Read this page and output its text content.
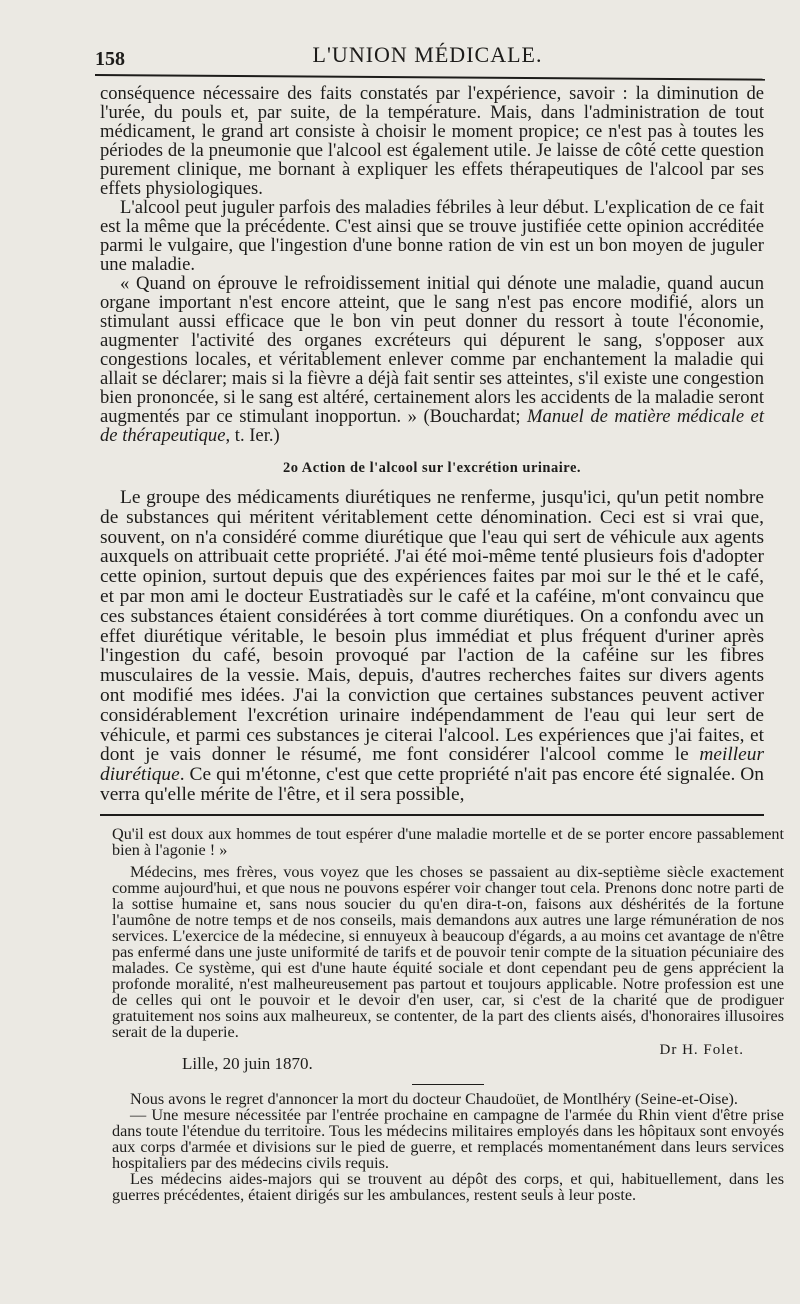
158	L'UNION MÉDICALE.

conséquence nécessaire des faits constatés par l'expérience, savoir : la diminution de l'urée, du pouls et, par suite, de la température. Mais, dans l'administration de tout médicament, le grand art consiste à choisir le moment propice; ce n'est pas à toutes les périodes de la pneumonie que l'alcool est également utile. Je laisse de côté cette question purement clinique, me bornant à expliquer les effets thérapeutiques de l'alcool par ses effets physiologiques.

L'alcool peut juguler parfois des maladies fébriles à leur début. L'explication de ce fait est la même que la précédente. C'est ainsi que se trouve justifiée cette opinion accréditée parmi le vulgaire, que l'ingestion d'une bonne ration de vin est un bon moyen de juguler une maladie.

« Quand on éprouve le refroidissement initial qui dénote une maladie, quand aucun organe important n'est encore atteint, que le sang n'est pas encore modifié, alors un stimulant aussi efficace que le bon vin peut donner du ressort à toute l'économie, augmenter l'activité des organes excréteurs qui dépurent le sang, s'opposer aux congestions locales, et véritablement enlever comme par enchantement la maladie qui allait se déclarer; mais si la fièvre a déjà fait sentir ses atteintes, s'il existe une congestion bien prononcée, si le sang est altéré, certainement alors les accidents de la maladie seront augmentés par ce stimulant inopportun. » (Bouchardat; Manuel de matière médicale et de thérapeutique, t. Ier.)

2o Action de l'alcool sur l'excrétion urinaire.

Le groupe des médicaments diurétiques ne renferme, jusqu'ici, qu'un petit nombre de substances qui méritent véritablement cette dénomination. Ceci est si vrai que, souvent, on n'a considéré comme diurétique que l'eau qui sert de véhicule aux agents auxquels on attribuait cette propriété. J'ai été moi-même tenté plusieurs fois d'adopter cette opinion, surtout depuis que des expériences faites par moi sur le thé et le café, et par mon ami le docteur Eustratiadès sur le café et la caféine, m'ont convaincu que ces substances étaient considérées à tort comme diurétiques. On a confondu avec un effet diurétique véritable, le besoin plus immédiat et plus fréquent d'uriner après l'ingestion du café, besoin provoqué par l'action de la caféine sur les fibres musculaires de la vessie. Mais, depuis, d'autres recherches faites sur divers agents ont modifié mes idées. J'ai la conviction que certaines substances peuvent activer considérablement l'excrétion urinaire indépendamment de l'eau qui leur sert de véhicule, et parmi ces substances je citerai l'alcool. Les expériences que j'ai faites, et dont je vais donner le résumé, me font considérer l'alcool comme le meilleur diurétique. Ce qui m'étonne, c'est que cette propriété n'ait pas encore été signalée. On verra qu'elle mérite de l'être, et il sera possible,

Qu'il est doux aux hommes de tout espérer d'une maladie mortelle et de se porter encore passablement bien à l'agonie ! »

Médecins, mes frères, vous voyez que les choses se passaient au dix-septième siècle exactement comme aujourd'hui, et que nous ne pouvons espérer voir changer tout cela. Prenons donc notre parti de la sottise humaine et, sans nous soucier du qu'en dira-t-on, faisons aux déshérités de la fortune l'aumône de notre temps et de nos conseils, mais demandons aux autres une large rémunération de nos services. L'exercice de la médecine, si ennuyeux à beaucoup d'égards, a au moins cet avantage de n'être pas enfermé dans une juste uniformité de tarifs et de pouvoir tenir compte de la situation pécuniaire des malades. Ce système, qui est d'une haute équité sociale et dont cependant peu de gens apprécient la profonde moralité, n'est malheureusement pas partout et toujours applicable. Notre profession est une de celles qui ont le pouvoir et le devoir d'en user, car, si c'est de la charité que de prodiguer gratuitement nos soins aux malheureux, se contenter, de la part des clients aisés, d'honoraires illusoires serait de la duperie.

Lille, 20 juin 1870.
Dr H. Folet.

Nous avons le regret d'annoncer la mort du docteur Chaudoüet, de Montlhéry (Seine-et-Oise).

— Une mesure nécessitée par l'entrée prochaine en campagne de l'armée du Rhin vient d'être prise dans toute l'étendue du territoire. Tous les médecins militaires employés dans les hôpitaux sont envoyés aux corps d'armée et divisions sur le pied de guerre, et remplacés momentanément dans leurs services hospitaliers par des médecins civils requis.

Les médecins aides-majors qui se trouvent au dépôt des corps, et qui, habituellement, dans les guerres précédentes, étaient dirigés sur les ambulances, restent seuls à leur poste.
